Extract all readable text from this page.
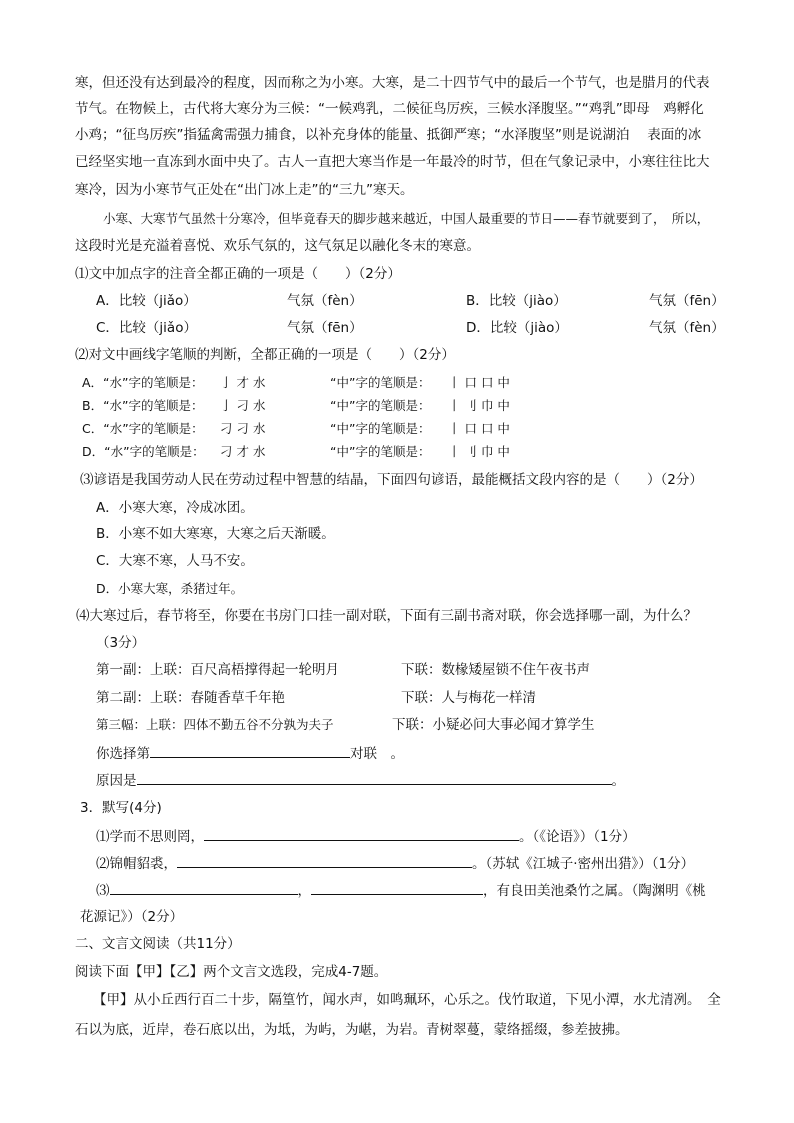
寒，但还没有达到最冷的程度，因而称之为小寒。大寒，是二十四节气中的最后一个节气，也是腊月的代表
节气。在物候上，古代将大寒分为三候：“一候鸡乳，二候征鸟厉疾，三候水泽腹坚。”“鸡乳”即母　鸡孵化
小鸡；“征鸟厉疾”指猛禽需强力捕食，以补充身体的能量、抵御严寒；“水泽腹坚”则是说湖泊　 表面的冰
已经坚实地一直冻到水面中央了。古人一直把大寒当作是一年最冷的时节，但在气象记录中，小寒往往比大
寒冷，因为小寒节气正处在“出门冰上走”的“三九”寒天。
小寒、大寒节气虽然十分寒冷，但毕竟春天的脚步越来越近，中国人最重要的节日——春节就要到了，　所以，
这段时光是充溢着喜悦、欢乐气氛的，这气氛足以融化冬末的寒意。
⑴文中加点字的注音全都正确的一项是（　　）（2分）
A．比较（jiǎo）	气氛（fèn）	B．比较（jiào）	气氛（fēn）
C．比较（jiǎo）	气氛（fēn）	D．比较（jiào）	气氛（fèn）
⑵对文中画线字笔顺的判断，全都正确的一项是（　　）（2分）
A．“水”字的笔顺是： 亅 才 水	“中”字的笔顺是： 丨 口 口 中
B．“水”字的笔顺是： 亅 刁 水	“中”字的笔顺是： 丨 刂 巾 中
C．“水”字的笔顺是： 刁 刁 水	“中”字的笔顺是： 丨 口 口 中
D．“水”字的笔顺是： 刁 才 水	“中”字的笔顺是： 丨 刂 巾 中
⑶谚语是我国劳动人民在劳动过程中智慧的结晶，下面四句谚语，最能概括文段内容的是（　　）（2分）
A．小寒大寒，冷成冰团。
B．小寒不如大寒寒，大寒之后天渐暖。
C．大寒不寒，人马不安。
D．小寒大寒，杀猪过年。
⑷大寒过后，春节将至，你要在书房门口挂一副对联，下面有三副书斋对联，你会选择哪一副，为什么？
（3分）
第一副：上联：百尺高梧撑得起一轮明月	下联：数椽矮屋锁不住午夜书声
第二副：上联：春随香草千年艳	下联：人与梅花一样清
第三幅：上联：四体不勤五谷不分孰为夫子	下联：小疑必问大事必闻才算学生
你选择第	对联　。
原因是	。
3．默写(4分)
⑴学而不思则罔，	。（《论语》）（1分）
⑵锦帽貂裘，	。（苏轼《江城子·密州出猎》）（1分）
⑶	，	，有良田美池桑竹之属。（陶渊明《桃
花源记》）（2分）
二、文言文阅读（共11分）
阅读下面【甲】【乙】两个文言文选段，完成4-7题。
【甲】从小丘西行百二十步，隔篁竹，闻水声，如鸣珮环，心乐之。伐竹取道，下见小潭，水尤清冽。　全
石以为底，近岸，卷石底以出，为坻，为屿，为嵁，为岩。青树翠蔓，蒙络摇缀，参差披拂。
